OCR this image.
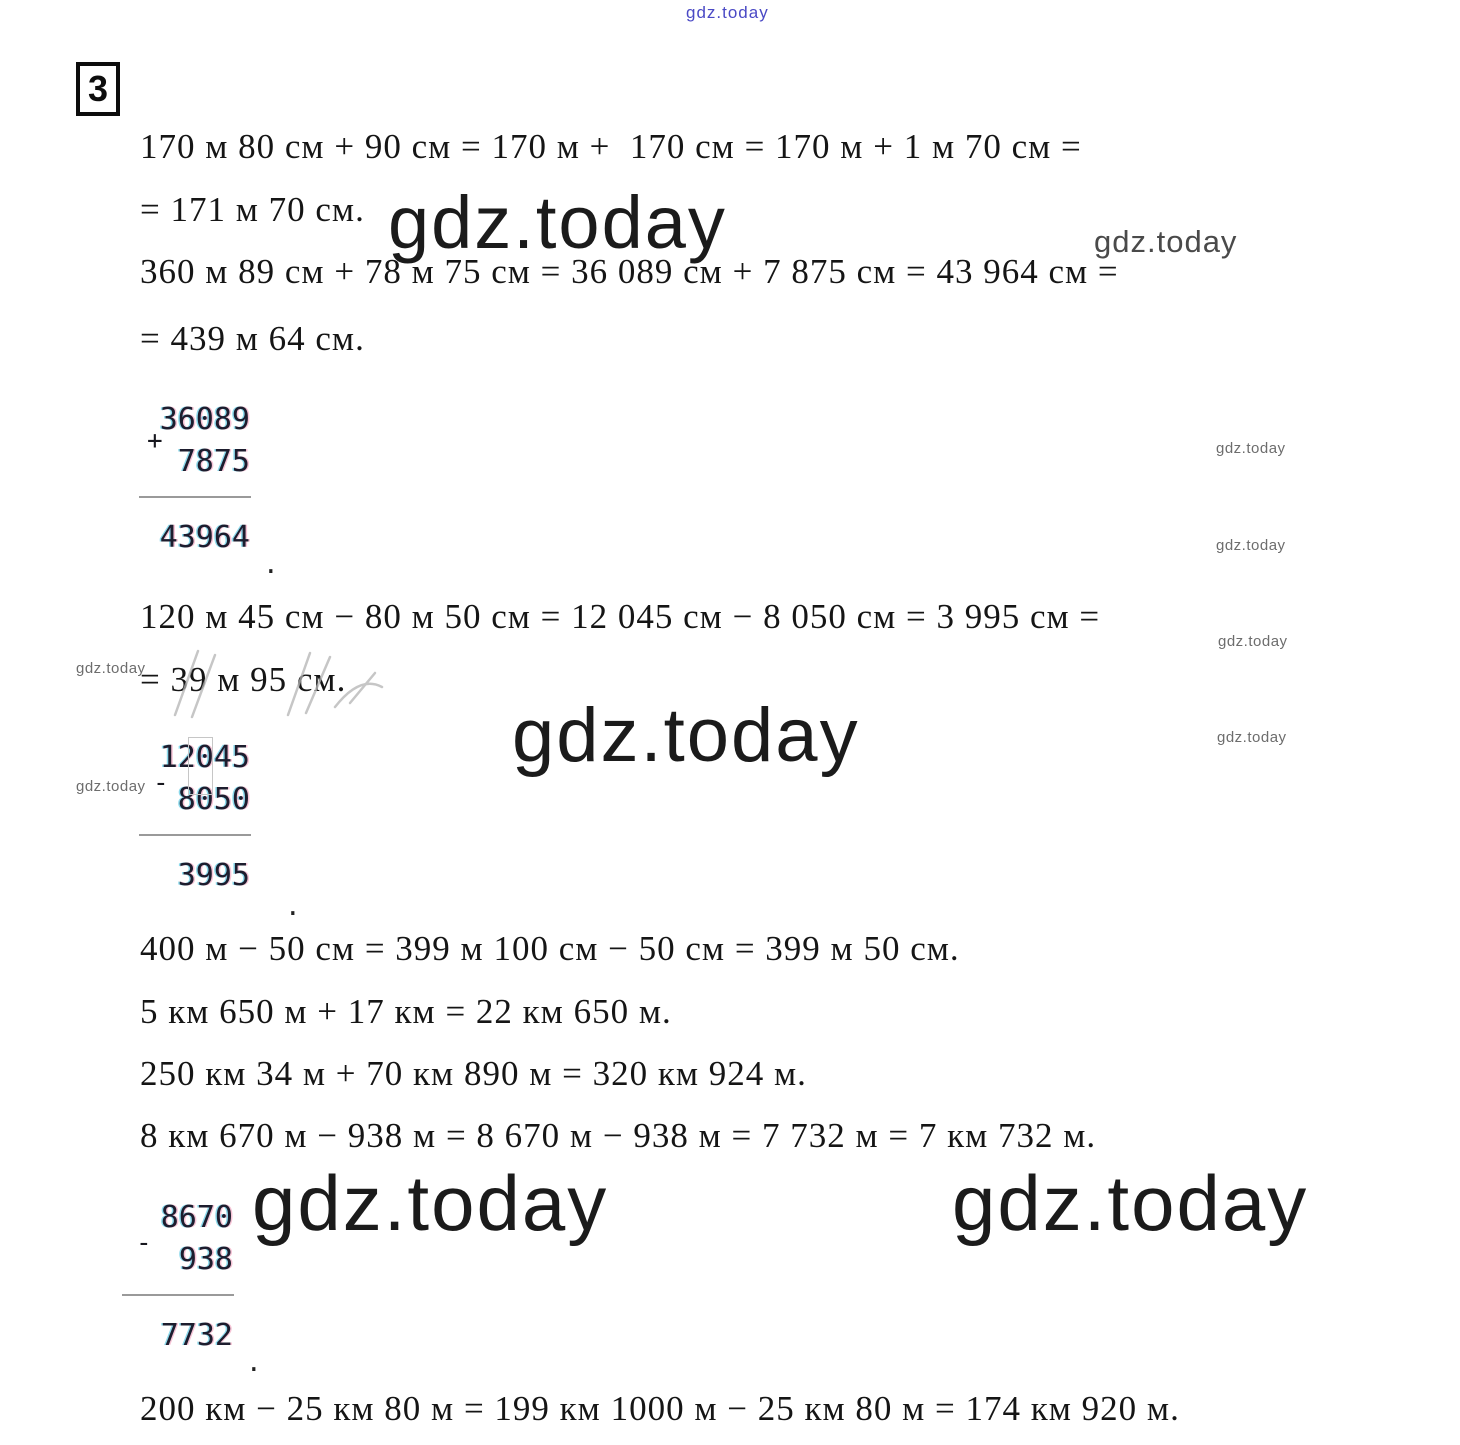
3
gdz.today
gdz.today	gdz.today
gdz.today
gdz.today	gdz.today
gdz.today
gdz.today
gdz.today
gdz.today
gdz.today
gdz.today
170 м 80 см + 90 см = 170 м +  170 см = 170 м + 1 м 70 см =
= 171 м 70 см.
360 м 89 см + 78 м 75 см = 36 089 см + 7 875 см = 43 964 см =
= 439 м 64 см.
120 м 45 см − 80 м 50 см = 12 045 см − 8 050 см = 3 995 см =
= 39 м 95 см.
400 м − 50 см = 399 м 100 см − 50 см = 399 м 50 см.
5 км 650 м + 17 км = 22 км 650 м.
250 км 34 м + 70 км 890 м = 320 км 924 м.
8 км 670 м − 938 м = 8 670 м − 938 м = 7 732 м = 7 км 732 м.
200 км − 25 км 80 м = 199 км 1000 м − 25 км 80 м = 174 км 920 м.
+
36089
7875
43964
.
-
12045
8050
3995
.
-
8670
938
7732
.
